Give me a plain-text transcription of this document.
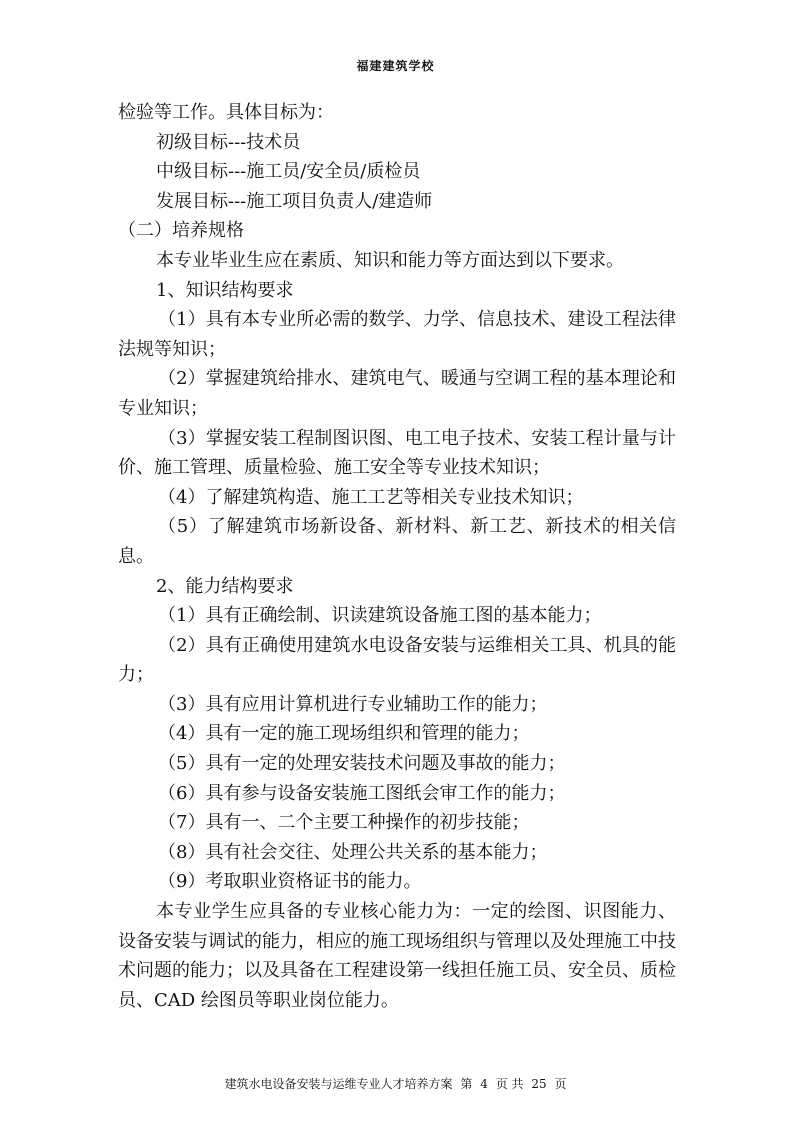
福建建筑学校

检验等工作。具体目标为：

初级目标---技术员

中级目标---施工员/安全员/质检员

发展目标---施工项目负责人/建造师

（二）培养规格

本专业毕业生应在素质、知识和能力等方面达到以下要求。

1、知识结构要求

（1）具有本专业所必需的数学、力学、信息技术、建设工程法律法规等知识；

（2）掌握建筑给排水、建筑电气、暖通与空调工程的基本理论和专业知识；

（3）掌握安装工程制图识图、电工电子技术、安装工程计量与计价、施工管理、质量检验、施工安全等专业技术知识；

（4）了解建筑构造、施工工艺等相关专业技术知识；

（5）了解建筑市场新设备、新材料、新工艺、新技术的相关信息。

2、能力结构要求

（1）具有正确绘制、识读建筑设备施工图的基本能力；

（2）具有正确使用建筑水电设备安装与运维相关工具、机具的能力；

（3）具有应用计算机进行专业辅助工作的能力；

（4）具有一定的施工现场组织和管理的能力；

（5）具有一定的处理安装技术问题及事故的能力；

（6）具有参与设备安装施工图纸会审工作的能力；

（7）具有一、二个主要工种操作的初步技能；

（8）具有社会交往、处理公共关系的基本能力；

（9）考取职业资格证书的能力。

本专业学生应具备的专业核心能力为：一定的绘图、识图能力、设备安装与调试的能力，相应的施工现场组织与管理以及处理施工中技术问题的能力；以及具备在工程建设第一线担任施工员、安全员、质检员、CAD 绘图员等职业岗位能力。

建筑水电设备安装与运维专业人才培养方案 第 4 页 共 25 页
